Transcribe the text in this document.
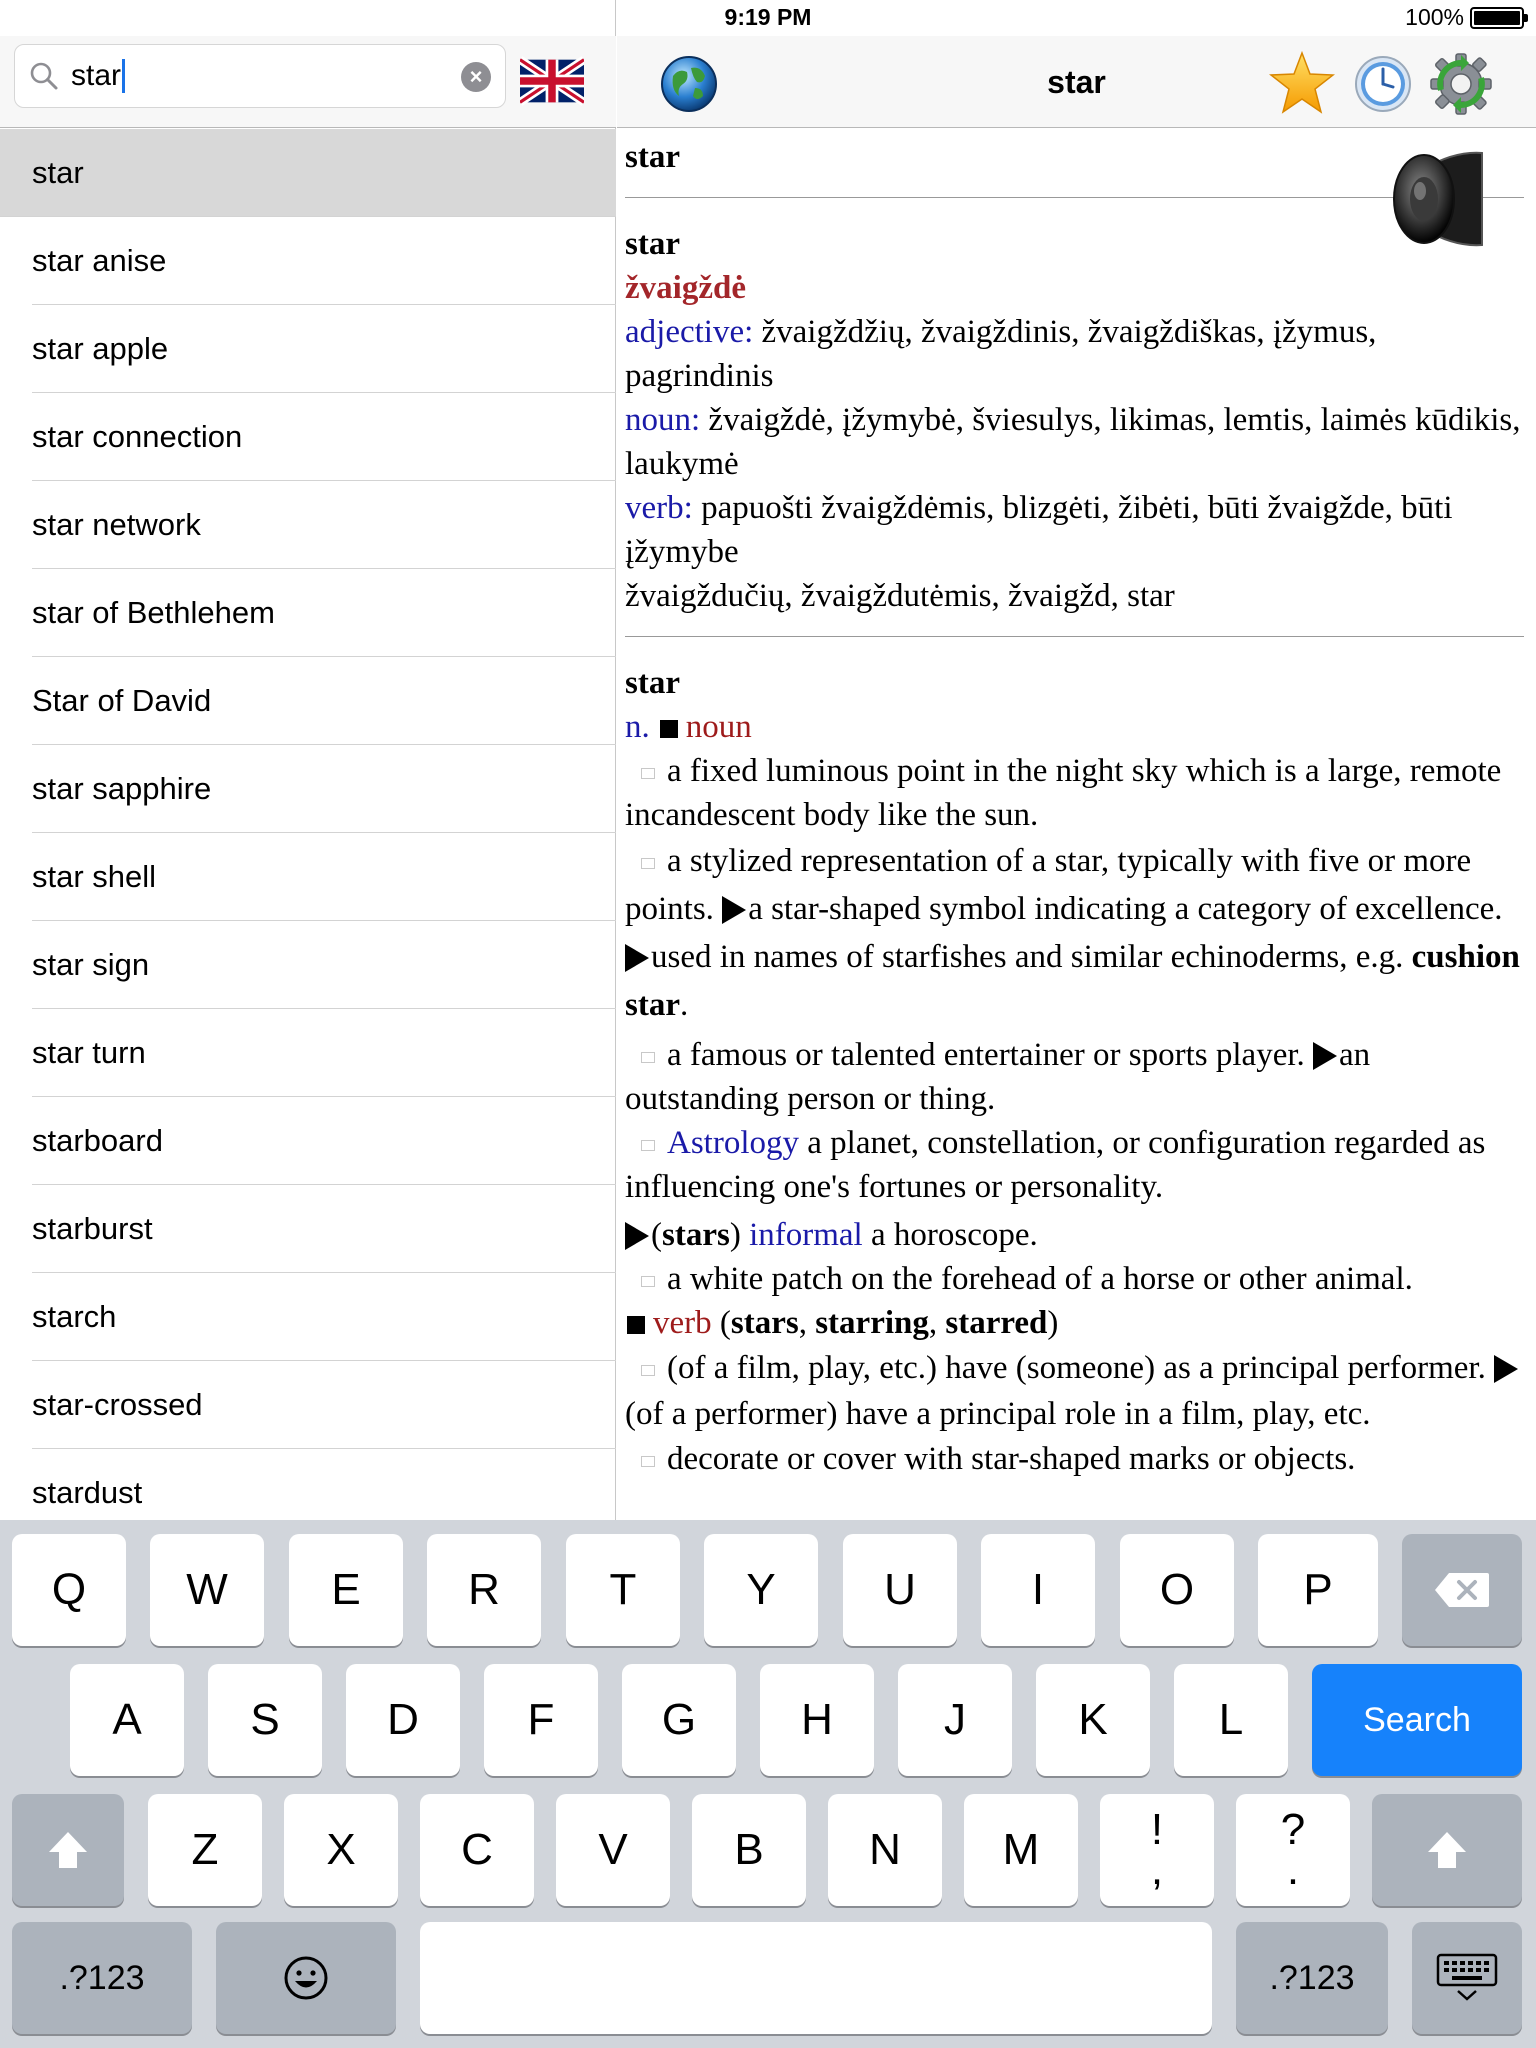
9:19 PM	100%
star	×
star
star anise
star apple
star connection
star network
star of Bethlehem
Star of David
star sapphire
star shell
star sign
star turn
starboard
starburst
starch
star-crossed
stardust
star

star

star

žvaigždė

adjective: žvaigždžių, žvaigždinis, žvaigždiškas, įžymus, pagrindinis

noun: žvaigždė, įžymybė, šviesulys, likimas, lemtis, laimės kūdikis, laukymė

verb: papuošti žvaigždėmis, blizgėti, žibėti, būti žvaigžde, būti įžymybe

žvaigždučių, žvaigždutėmis, žvaigžd, star

star

n. noun

a fixed luminous point in the night sky which is a large, remote incandescent body like the sun.

a stylized representation of a star, typically with five or more points. a star-shaped symbol indicating a category of excellence. used in names of starfishes and similar echinoderms, e.g. cushion star.

a famous or talented entertainer or sports player. an outstanding person or thing.

Astrology a planet, constellation, or configuration regarded as influencing one's fortunes or personality.

(stars) informal a horoscope.

a white patch on the forehead of a horse or other animal.

verb (stars, starring, starred)

(of a film, play, etc.) have (someone) as a principal performer. (of a performer) have a principal role in a film, play, etc.

decorate or cover with star-shaped marks or objects.

Q	W	E	R	T	Y	U	I	O	P
A	S	D	F	G	H	J	K	L	Search
Z	X	C	V	B	N	M	!
,
?
.
.?123	.?123
